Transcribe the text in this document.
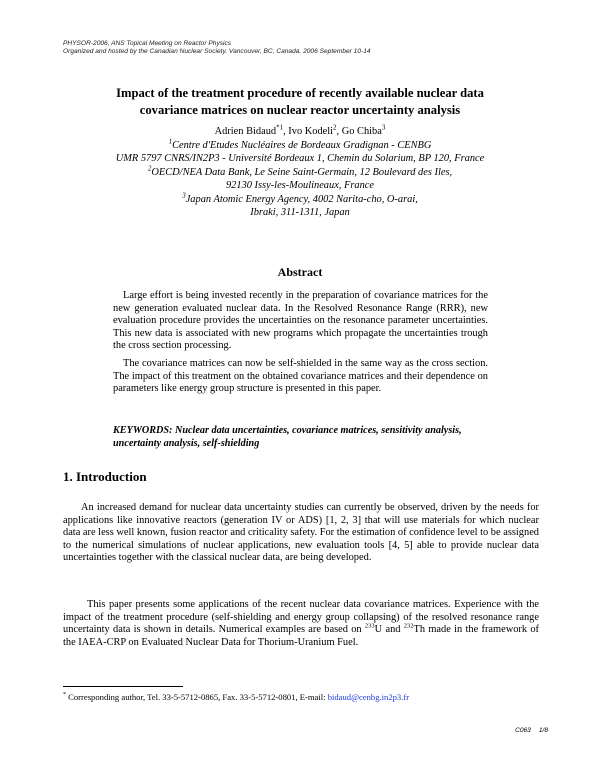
PHYSOR-2006, ANS Topical Meeting on Reactor Physics
Organized and hosted by the Canadian Nuclear Society. Vancouver, BC, Canada. 2006 September 10-14
Impact of the treatment procedure of recently available nuclear data
covariance matrices on nuclear reactor uncertainty analysis
Adrien Bidaud$^{*1}$, Ivo Kodeli$^2$, Go Chiba$^3$
$^1$Centre d'Etudes Nucléaires de Bordeaux Gradignan - CENBG
UMR 5797 CNRS/IN2P3 - Université Bordeaux 1, Chemin du Solarium, BP 120, France
$^2$OECD/NEA Data Bank, Le Seine Saint-Germain, 12 Boulevard des Iles,
92130 Issy-les-Moulineaux, France
$^3$Japan Atomic Energy Agency, 4002 Narita-cho, O-arai,
Ibraki, 311-1311, Japan
Abstract
Large effort is being invested recently in the preparation of covariance matrices for the new generation evaluated nuclear data. In the Resolved Resonance Range (RRR), new evaluation procedure provides the uncertainties on the resonance parameter uncertainties. This new data is associated with new programs which propagate the uncertainties trough the cross section processing.
The covariance matrices can now be self-shielded in the same way as the cross section. The impact of this treatment on the obtained covariance matrices and their dependence on parameters like energy group structure is presented in this paper.
KEYWORDS: Nuclear data uncertainties, covariance matrices, sensitivity analysis, uncertainty analysis, self-shielding
1. Introduction
An increased demand for nuclear data uncertainty studies can currently be observed, driven by the needs for applications like innovative reactors (generation IV or ADS) [1, 2, 3] that will use materials for which nuclear data are less well known, fusion reactor and criticality safety. For the estimation of confidence level to be assigned to the numerical simulations of nuclear applications, new evaluation tools [4, 5] able to provide nuclear data uncertainties together with the classical nuclear data, are being developed.
This paper presents some applications of the recent nuclear data covariance matrices. Experience with the impact of the treatment procedure (self-shielding and energy group collapsing) of the resolved resonance range uncertainty data is shown in details. Numerical examples are based on $^{233}$U and $^{232}$Th made in the framework of the IAEA-CRP on Evaluated Nuclear Data for Thorium-Uranium Fuel.
* Corresponding author, Tel. 33-5-5712-0865, Fax. 33-5-5712-0801, E-mail: bidaud@cenbg.in2p3.fr
C063 1/8
